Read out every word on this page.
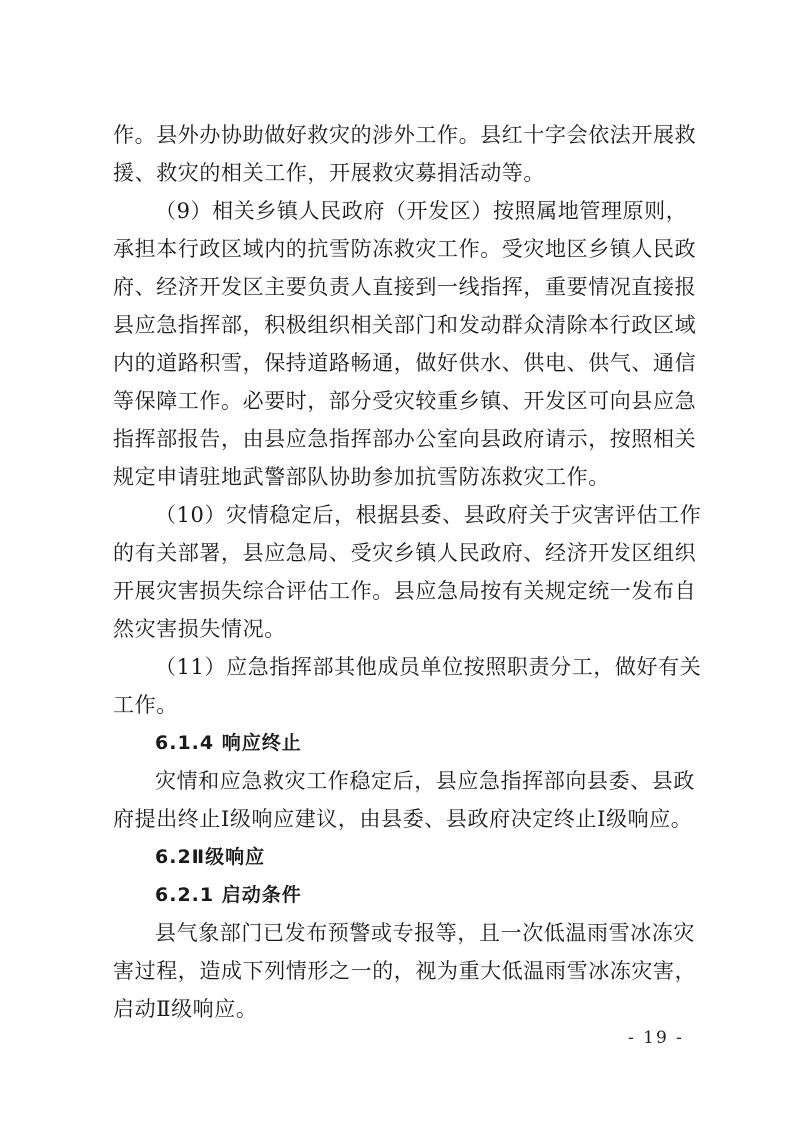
作。县外办协助做好救灾的涉外工作。县红十字会依法开展救
援、救灾的相关工作，开展救灾募捐活动等。
（9）相关乡镇人民政府（开发区）按照属地管理原则，
承担本行政区域内的抗雪防冻救灾工作。受灾地区乡镇人民政
府、经济开发区主要负责人直接到一线指挥，重要情况直接报
县应急指挥部，积极组织相关部门和发动群众清除本行政区域
内的道路积雪，保持道路畅通，做好供水、供电、供气、通信
等保障工作。必要时，部分受灾较重乡镇、开发区可向县应急
指挥部报告，由县应急指挥部办公室向县政府请示，按照相关
规定申请驻地武警部队协助参加抗雪防冻救灾工作。
（10）灾情稳定后，根据县委、县政府关于灾害评估工作
的有关部署，县应急局、受灾乡镇人民政府、经济开发区组织
开展灾害损失综合评估工作。县应急局按有关规定统一发布自
然灾害损失情况。
（11）应急指挥部其他成员单位按照职责分工，做好有关
工作。
6.1.4 响应终止
灾情和应急救灾工作稳定后，县应急指挥部向县委、县政
府提出终止Ⅰ级响应建议，由县委、县政府决定终止Ⅰ级响应。
6.2Ⅱ级响应
6.2.1 启动条件
县气象部门已发布预警或专报等，且一次低温雨雪冰冻灾
害过程，造成下列情形之一的，视为重大低温雨雪冰冻灾害，
启动Ⅱ级响应。
- 19 -
